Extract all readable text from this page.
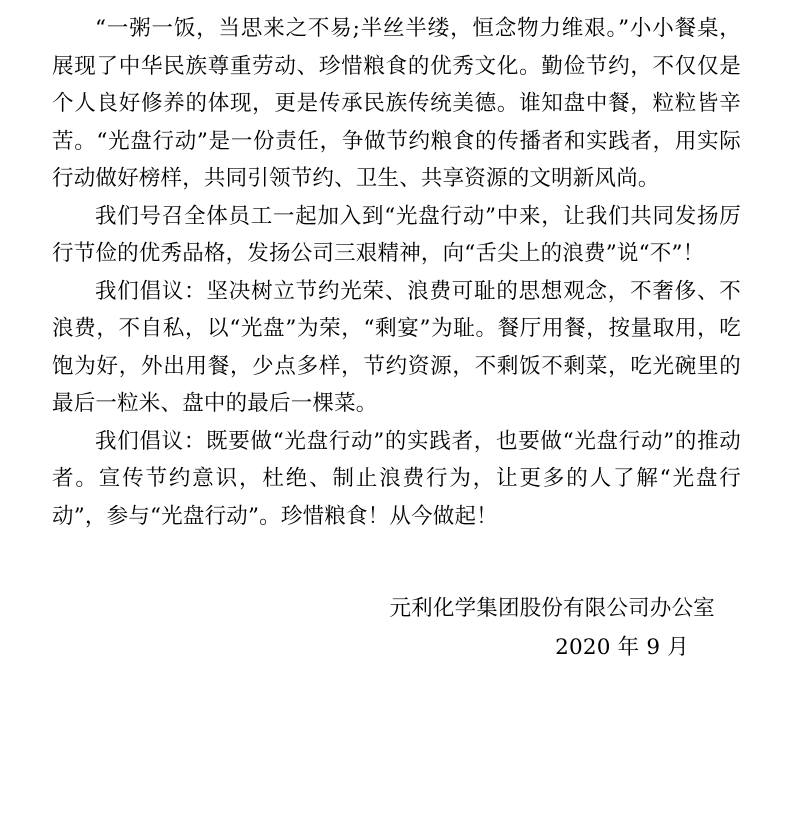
“一粥一饭，当思来之不易;半丝半缕，恒念物力维艰。”小小餐桌，展现了中华民族尊重劳动、珍惜粮食的优秀文化。勤俭节约，不仅仅是个人良好修养的体现，更是传承民族传统美德。谁知盘中餐，粒粒皆辛苦。“光盘行动”是一份责任，争做节约粮食的传播者和实践者，用实际行动做好榜样，共同引领节约、卫生、共享资源的文明新风尚。

我们号召全体员工一起加入到“光盘行动”中来，让我们共同发扬厉行节俭的优秀品格，发扬公司三艰精神，向“舌尖上的浪费”说“不”！

我们倡议：坚决树立节约光荣、浪费可耻的思想观念，不奢侈、不浪费，不自私，以“光盘”为荣，“剩宴”为耻。餐厅用餐，按量取用，吃饱为好，外出用餐，少点多样，节约资源，不剩饭不剩菜，吃光碗里的最后一粒米、盘中的最后一棵菜。

我们倡议：既要做“光盘行动”的实践者，也要做“光盘行动”的推动者。宣传节约意识，杜绝、制止浪费行为，让更多的人了解“光盘行动”，参与“光盘行动”。珍惜粮食！从今做起！

元利化学集团股份有限公司办公室
2020 年 9 月
